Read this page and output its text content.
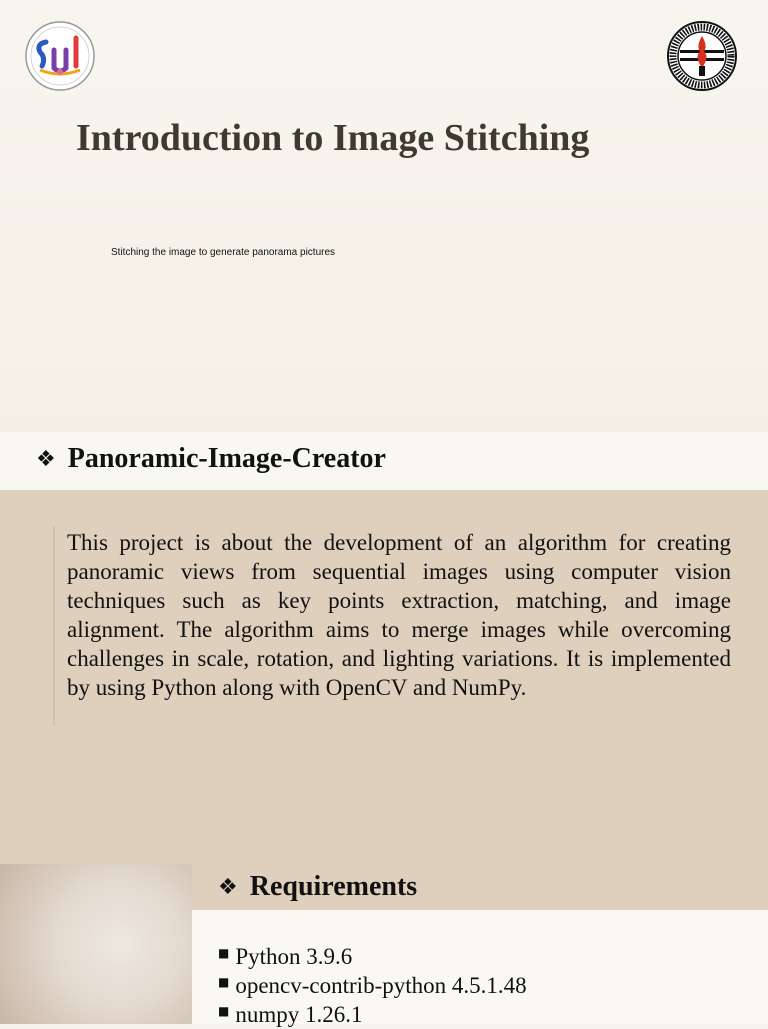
Introduction to Image Stitching
Stitching the image to generate panorama pictures
❖ Panoramic-Image-Creator

This project is about the development of an algorithm for creating panoramic views from sequential images using computer vision techniques such as key points extraction, matching, and image alignment. The algorithm aims to merge images while overcoming challenges in scale, rotation, and lighting variations. It is implemented by using Python along with OpenCV and NumPy.

❖ Requirements
■ Python 3.9.6
■ opencv-contrib-python 4.5.1.48
■ numpy 1.26.1
